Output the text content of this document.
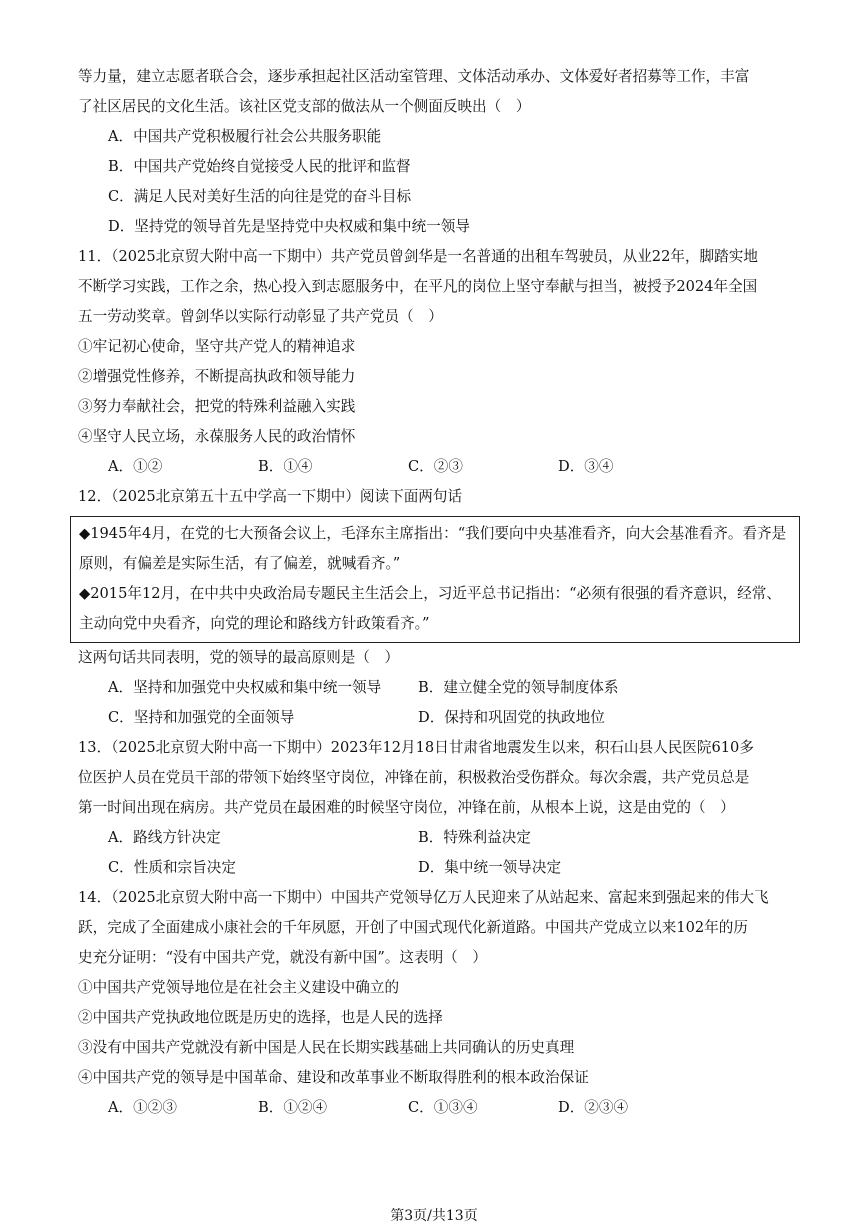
等力量，建立志愿者联合会，逐步承担起社区活动室管理、文体活动承办、文体爱好者招募等工作，丰富

了社区居民的文化生活。该社区党支部的做法从一个侧面反映出（　）

A．中国共产党积极履行社会公共服务职能

B．中国共产党始终自觉接受人民的批评和监督

C．满足人民对美好生活的向往是党的奋斗目标

D．坚持党的领导首先是坚持党中央权威和集中统一领导

11．（2025北京贸大附中高一下期中）共产党员曾剑华是一名普通的出租车驾驶员，从业22年，脚踏实地

不断学习实践，工作之余，热心投入到志愿服务中，在平凡的岗位上坚守奉献与担当，被授予2024年全国

五一劳动奖章。曾剑华以实际行动彰显了共产党员（　）

①牢记初心使命，坚守共产党人的精神追求

②增强党性修养，不断提高执政和领导能力

③努力奉献社会，把党的特殊利益融入实践

④坚守人民立场，永葆服务人民的政治情怀

A．①②	B．①④	C．②③	D．③④

12．（2025北京第五十五中学高一下期中）阅读下面两句话

◆1945年4月，在党的七大预备会议上，毛泽东主席指出：“我们要向中央基准看齐，向大会基准看齐。看齐是原则，有偏差是实际生活，有了偏差，就喊看齐。”

◆2015年12月，在中共中央政治局专题民主生活会上，习近平总书记指出：“必须有很强的看齐意识，经常、主动向党中央看齐，向党的理论和路线方针政策看齐。”

这两句话共同表明，党的领导的最高原则是（　）

A．坚持和加强党中央权威和集中统一领导	B．建立健全党的领导制度体系
C．坚持和加强党的全面领导	D．保持和巩固党的执政地位

13．（2025北京贸大附中高一下期中）2023年12月18日甘肃省地震发生以来，积石山县人民医院610多

位医护人员在党员干部的带领下始终坚守岗位，冲锋在前，积极救治受伤群众。每次余震，共产党员总是

第一时间出现在病房。共产党员在最困难的时候坚守岗位，冲锋在前，从根本上说，这是由党的（　）

A．路线方针决定	B．特殊利益决定
C．性质和宗旨决定	D．集中统一领导决定

14．（2025北京贸大附中高一下期中）中国共产党领导亿万人民迎来了从站起来、富起来到强起来的伟大飞

跃，完成了全面建成小康社会的千年夙愿，开创了中国式现代化新道路。中国共产党成立以来102年的历

史充分证明：“没有中国共产党，就没有新中国”。这表明（　）

①中国共产党领导地位是在社会主义建设中确立的

②中国共产党执政地位既是历史的选择，也是人民的选择

③没有中国共产党就没有新中国是人民在长期实践基础上共同确认的历史真理

④中国共产党的领导是中国革命、建设和改革事业不断取得胜利的根本政治保证

A．①②③	B．①②④	C．①③④	D．②③④
第3页/共13页
